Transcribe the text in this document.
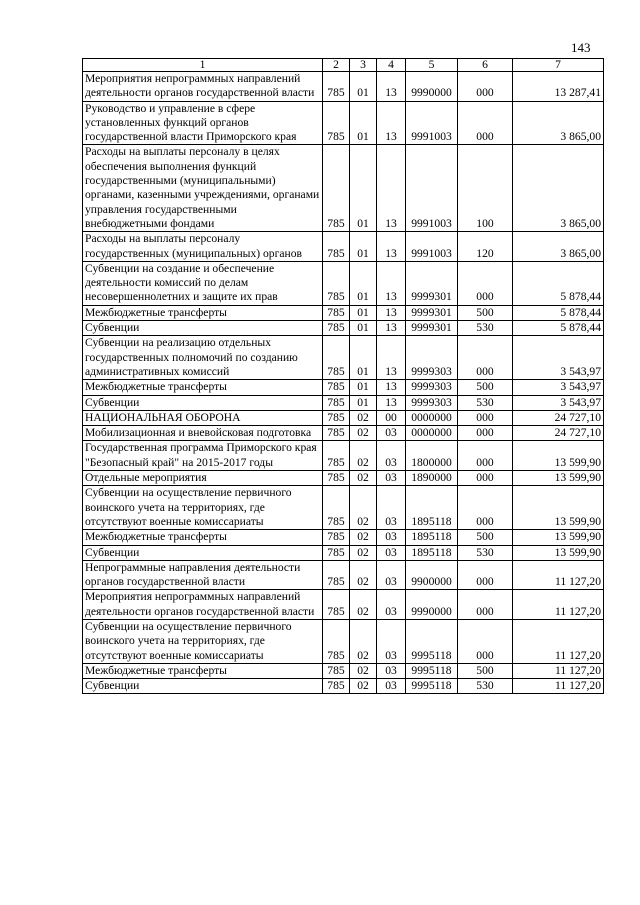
143
1	2	3	4	5	6	7
Мероприятия непрограммных направлений деятельности органов государственной власти	785	01	13	9990000	000	13 287,41
Руководство и управление в сфере установленных функций органов государственной власти Приморского края	785	01	13	9991003	000	3 865,00
Расходы на выплаты персоналу в целях обеспечения выполнения функций государственными (муниципальными) органами, казенными учреждениями, органами управления государственными внебюджетными фондами	785	01	13	9991003	100	3 865,00
Расходы на выплаты персоналу государственных (муниципальных) органов	785	01	13	9991003	120	3 865,00
Субвенции на создание и обеспечение деятельности комиссий по делам несовершеннолетних и защите их прав	785	01	13	9999301	000	5 878,44
Межбюджетные трансферты	785	01	13	9999301	500	5 878,44
Субвенции	785	01	13	9999301	530	5 878,44
Субвенции на реализацию отдельных государственных полномочий по созданию административных комиссий	785	01	13	9999303	000	3 543,97
Межбюджетные трансферты	785	01	13	9999303	500	3 543,97
Субвенции	785	01	13	9999303	530	3 543,97
НАЦИОНАЛЬНАЯ ОБОРОНА	785	02	00	0000000	000	24 727,10
Мобилизационная и вневойсковая подготовка	785	02	03	0000000	000	24 727,10
Государственная программа Приморского края "Безопасный край" на 2015-2017 годы	785	02	03	1800000	000	13 599,90
Отдельные мероприятия	785	02	03	1890000	000	13 599,90
Субвенции на осуществление первичного воинского учета на территориях, где отсутствуют военные комиссариаты	785	02	03	1895118	000	13 599,90
Межбюджетные трансферты	785	02	03	1895118	500	13 599,90
Субвенции	785	02	03	1895118	530	13 599,90
Непрограммные направления деятельности органов государственной власти	785	02	03	9900000	000	11 127,20
Мероприятия непрограммных направлений деятельности органов государственной власти	785	02	03	9990000	000	11 127,20
Субвенции на осуществление первичного воинского учета на территориях, где отсутствуют военные комиссариаты	785	02	03	9995118	000	11 127,20
Межбюджетные трансферты	785	02	03	9995118	500	11 127,20
Субвенции	785	02	03	9995118	530	11 127,20
